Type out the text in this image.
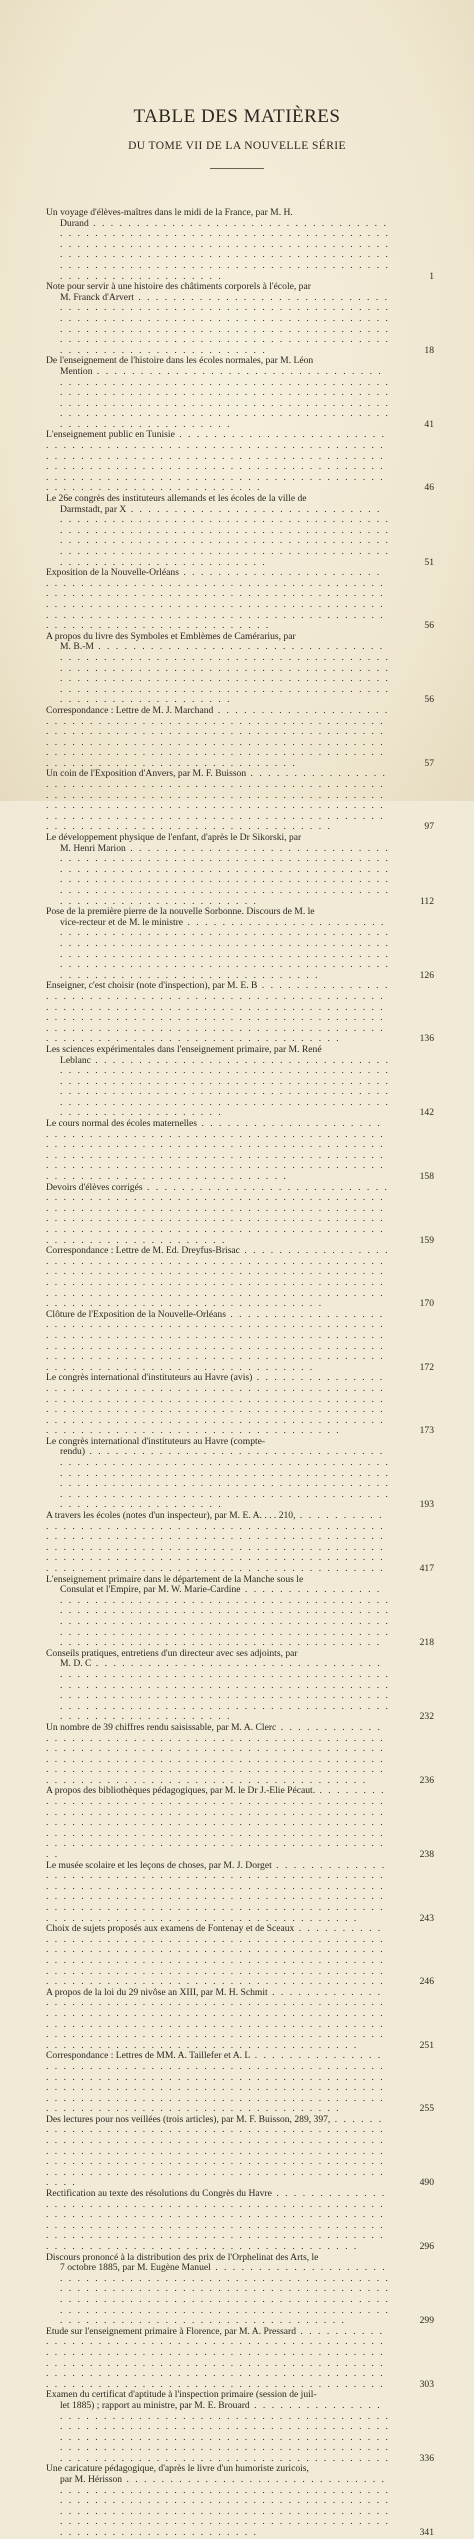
TABLE DES MATIÈRES
DU TOME VII DE LA NOUVELLE SÉRIE
Un voyage d'élèves-maîtres dans le midi de la France, par M. H.
Durand . . . . . . . . . . . . . . . . . . . . . . . . . . . . . . . . . . . . . . . . . . . . . . . . . . . . . . . . . . . . . . . . . . . . . . . . . . . . . . . . . . . . . . . . . . . . . . . . . . . . . . . . . . . . . . . . . . . . . . . . . . . . . . . . . . . . . . . . . . . . . . . . . . . . . . . . . . . . . . . . . . . . . . . . . . . . . . . . . . . . . . . . . . . . . . . . . . . . . . . . . . . . .	1
Note pour servir à une histoire des châtiments corporels à l'école, par
M. Franck d'Arvert . . . . . . . . . . . . . . . . . . . . . . . . . . . . . . . . . . . . . . . . . . . . . . . . . . . . . . . . . . . . . . . . . . . . . . . . . . . . . . . . . . . . . . . . . . . . . . . . . . . . . . . . . . . . . . . . . . . . . . . . . . . . . . . . . . . . . . . . . . . . . . . . . . . . . . . . . . . . . . . . . . . . . . . . . . . . . . . . . . . . . . . . . . . . . . . . . . . . . . . . . . . . .	18
De l'enseignement de l'histoire dans les écoles normales, par M. Léon
Mention . . . . . . . . . . . . . . . . . . . . . . . . . . . . . . . . . . . . . . . . . . . . . . . . . . . . . . . . . . . . . . . . . . . . . . . . . . . . . . . . . . . . . . . . . . . . . . . . . . . . . . . . . . . . . . . . . . . . . . . . . . . . . . . . . . . . . . . . . . . . . . . . . . . . . . . . . . . . . . . . . . . . . . . . . . . . . . . . . . . . . . . . . . . . . . . . . . . . . . . . . . . . .	41
L'enseignement public en Tunisie . . . . . . . . . . . . . . . . . . . . . . . . . . . . . . . . . . . . . . . . . . . . . . . . . . . . . . . . . . . . . . . . . . . . . . . . . . . . . . . . . . . . . . . . . . . . . . . . . . . . . . . . . . . . . . . . . . . . . . . . . . . . . . . . . . . . . . . . . . . . . . . . . . . . . . . . . . . . . . . . . . . . . . . . . . . . . . . . . . . . . . . . . . . . . . . . . . . . . . . . . . . . .	46
Le 26e congrès des instituteurs allemands et les écoles de la ville de
Darmstadt, par X . . . . . . . . . . . . . . . . . . . . . . . . . . . . . . . . . . . . . . . . . . . . . . . . . . . . . . . . . . . . . . . . . . . . . . . . . . . . . . . . . . . . . . . . . . . . . . . . . . . . . . . . . . . . . . . . . . . . . . . . . . . . . . . . . . . . . . . . . . . . . . . . . . . . . . . . . . . . . . . . . . . . . . . . . . . . . . . . . . . . . . . . . . . . . . . . . . . . . . . . . . . . .	51
Exposition de la Nouvelle-Orléans . . . . . . . . . . . . . . . . . . . . . . . . . . . . . . . . . . . . . . . . . . . . . . . . . . . . . . . . . . . . . . . . . . . . . . . . . . . . . . . . . . . . . . . . . . . . . . . . . . . . . . . . . . . . . . . . . . . . . . . . . . . . . . . . . . . . . . . . . . . . . . . . . . . . . . . . . . . . . . . . . . . . . . . . . . . . . . . . . . . . . . . . . . . . . . . . . . . . . . . . . . . . .	56
A propos du livre des Symboles et Emblèmes de Camérarius, par
M. B.-M . . . . . . . . . . . . . . . . . . . . . . . . . . . . . . . . . . . . . . . . . . . . . . . . . . . . . . . . . . . . . . . . . . . . . . . . . . . . . . . . . . . . . . . . . . . . . . . . . . . . . . . . . . . . . . . . . . . . . . . . . . . . . . . . . . . . . . . . . . . . . . . . . . . . . . . . . . . . . . . . . . . . . . . . . . . . . . . . . . . . . . . . . . . . . . . . . . . . . . . . . . . . .	56
Correspondance : Lettre de M. J. Marchand . . . . . . . . . . . . . . . . . . . . . . . . . . . . . . . . . . . . . . . . . . . . . . . . . . . . . . . . . . . . . . . . . . . . . . . . . . . . . . . . . . . . . . . . . . . . . . . . . . . . . . . . . . . . . . . . . . . . . . . . . . . . . . . . . . . . . . . . . . . . . . . . . . . . . . . . . . . . . . . . . . . . . . . . . . . . . . . . . . . . . . . . . . . . . . . . . . . . . . . . . . . . .	57
Un coin de l'Exposition d'Anvers, par M. F. Buisson . . . . . . . . . . . . . . . . . . . . . . . . . . . . . . . . . . . . . . . . . . . . . . . . . . . . . . . . . . . . . . . . . . . . . . . . . . . . . . . . . . . . . . . . . . . . . . . . . . . . . . . . . . . . . . . . . . . . . . . . . . . . . . . . . . . . . . . . . . . . . . . . . . . . . . . . . . . . . . . . . . . . . . . . . . . . . . . . . . . . . . . . . . . . . . . . . . . . . . . . . . . . .	97
Le développement physique de l'enfant, d'après le Dr Sikorski, par
M. Henri Marion . . . . . . . . . . . . . . . . . . . . . . . . . . . . . . . . . . . . . . . . . . . . . . . . . . . . . . . . . . . . . . . . . . . . . . . . . . . . . . . . . . . . . . . . . . . . . . . . . . . . . . . . . . . . . . . . . . . . . . . . . . . . . . . . . . . . . . . . . . . . . . . . . . . . . . . . . . . . . . . . . . . . . . . . . . . . . . . . . . . . . . . . . . . . . . . . . . . . . . . . . . . . .	112
Pose de la première pierre de la nouvelle Sorbonne. Discours de M. le
vice-recteur et de M. le ministre . . . . . . . . . . . . . . . . . . . . . . . . . . . . . . . . . . . . . . . . . . . . . . . . . . . . . . . . . . . . . . . . . . . . . . . . . . . . . . . . . . . . . . . . . . . . . . . . . . . . . . . . . . . . . . . . . . . . . . . . . . . . . . . . . . . . . . . . . . . . . . . . . . . . . . . . . . . . . . . . . . . . . . . . . . . . . . . . . . . . . . . . . . . . . . . . . . . . . . . . . . . . .	126
Enseigner, c'est choisir (note d'inspection), par M. E. B . . . . . . . . . . . . . . . . . . . . . . . . . . . . . . . . . . . . . . . . . . . . . . . . . . . . . . . . . . . . . . . . . . . . . . . . . . . . . . . . . . . . . . . . . . . . . . . . . . . . . . . . . . . . . . . . . . . . . . . . . . . . . . . . . . . . . . . . . . . . . . . . . . . . . . . . . . . . . . . . . . . . . . . . . . . . . . . . . . . . . . . . . . . . . . . . . . . . . . . . . . . . .	136
Les sciences expérimentales dans l'enseignement primaire, par M. René
Leblanc . . . . . . . . . . . . . . . . . . . . . . . . . . . . . . . . . . . . . . . . . . . . . . . . . . . . . . . . . . . . . . . . . . . . . . . . . . . . . . . . . . . . . . . . . . . . . . . . . . . . . . . . . . . . . . . . . . . . . . . . . . . . . . . . . . . . . . . . . . . . . . . . . . . . . . . . . . . . . . . . . . . . . . . . . . . . . . . . . . . . . . . . . . . . . . . . . . . . . . . . . . . . .	142
Le cours normal des écoles maternelles . . . . . . . . . . . . . . . . . . . . . . . . . . . . . . . . . . . . . . . . . . . . . . . . . . . . . . . . . . . . . . . . . . . . . . . . . . . . . . . . . . . . . . . . . . . . . . . . . . . . . . . . . . . . . . . . . . . . . . . . . . . . . . . . . . . . . . . . . . . . . . . . . . . . . . . . . . . . . . . . . . . . . . . . . . . . . . . . . . . . . . . . . . . . . . . . . . . . . . . . . . . . .	158
Devoirs d'élèves corrigés . . . . . . . . . . . . . . . . . . . . . . . . . . . . . . . . . . . . . . . . . . . . . . . . . . . . . . . . . . . . . . . . . . . . . . . . . . . . . . . . . . . . . . . . . . . . . . . . . . . . . . . . . . . . . . . . . . . . . . . . . . . . . . . . . . . . . . . . . . . . . . . . . . . . . . . . . . . . . . . . . . . . . . . . . . . . . . . . . . . . . . . . . . . . . . . . . . . . . . . . . . . . .	159
Correspondance : Lettre de M. Ed. Dreyfus-Brisac . . . . . . . . . . . . . . . . . . . . . . . . . . . . . . . . . . . . . . . . . . . . . . . . . . . . . . . . . . . . . . . . . . . . . . . . . . . . . . . . . . . . . . . . . . . . . . . . . . . . . . . . . . . . . . . . . . . . . . . . . . . . . . . . . . . . . . . . . . . . . . . . . . . . . . . . . . . . . . . . . . . . . . . . . . . . . . . . . . . . . . . . . . . . . . . . . . . . . . . . . . . . .	170
Clôture de l'Exposition de la Nouvelle-Orléans . . . . . . . . . . . . . . . . . . . . . . . . . . . . . . . . . . . . . . . . . . . . . . . . . . . . . . . . . . . . . . . . . . . . . . . . . . . . . . . . . . . . . . . . . . . . . . . . . . . . . . . . . . . . . . . . . . . . . . . . . . . . . . . . . . . . . . . . . . . . . . . . . . . . . . . . . . . . . . . . . . . . . . . . . . . . . . . . . . . . . . . . . . . . . . . . . . . . . . . . . . . . .	172
Le congrès international d'instituteurs au Havre (avis) . . . . . . . . . . . . . . . . . . . . . . . . . . . . . . . . . . . . . . . . . . . . . . . . . . . . . . . . . . . . . . . . . . . . . . . . . . . . . . . . . . . . . . . . . . . . . . . . . . . . . . . . . . . . . . . . . . . . . . . . . . . . . . . . . . . . . . . . . . . . . . . . . . . . . . . . . . . . . . . . . . . . . . . . . . . . . . . . . . . . . . . . . . . . . . . . . . . . . . . . . . . . .	173
Le congrès international d'instituteurs au Havre (compte-
rendu) . . . . . . . . . . . . . . . . . . . . . . . . . . . . . . . . . . . . . . . . . . . . . . . . . . . . . . . . . . . . . . . . . . . . . . . . . . . . . . . . . . . . . . . . . . . . . . . . . . . . . . . . . . . . . . . . . . . . . . . . . . . . . . . . . . . . . . . . . . . . . . . . . . . . . . . . . . . . . . . . . . . . . . . . . . . . . . . . . . . . . . . . . . . . . . . . . . . . . . . . . . . . .	193
A travers les écoles (notes d'un inspecteur), par M. E. A. . . . 210, . . . . . . . . . . . . . . . . . . . . . . . . . . . . . . . . . . . . . . . . . . . . . . . . . . . . . . . . . . . . . . . . . . . . . . . . . . . . . . . . . . . . . . . . . . . . . . . . . . . . . . . . . . . . . . . . . . . . . . . . . . . . . . . . . . . . . . . . . . . . . . . . . . . . . . . . . . . . . . . . . . . . . . . . . . . . . . . . . . . . . . . . . . . . . . . . . . . . . . . . . . . . .	417
L'enseignement primaire dans le département de la Manche sous le
Consulat et l'Empire, par M. W. Marie-Cardine . . . . . . . . . . . . . . . . . . . . . . . . . . . . . . . . . . . . . . . . . . . . . . . . . . . . . . . . . . . . . . . . . . . . . . . . . . . . . . . . . . . . . . . . . . . . . . . . . . . . . . . . . . . . . . . . . . . . . . . . . . . . . . . . . . . . . . . . . . . . . . . . . . . . . . . . . . . . . . . . . . . . . . . . . . . . . . . . . . . . . . . . . . . . . . . . . . . . . . . . . . . . .	218
Conseils pratiques, entretiens d'un directeur avec ses adjoints, par
M. D. C . . . . . . . . . . . . . . . . . . . . . . . . . . . . . . . . . . . . . . . . . . . . . . . . . . . . . . . . . . . . . . . . . . . . . . . . . . . . . . . . . . . . . . . . . . . . . . . . . . . . . . . . . . . . . . . . . . . . . . . . . . . . . . . . . . . . . . . . . . . . . . . . . . . . . . . . . . . . . . . . . . . . . . . . . . . . . . . . . . . . . . . . . . . . . . . . . . . . . . . . . . . . .	232
Un nombre de 39 chiffres rendu saisissable, par M. A. Clerc . . . . . . . . . . . . . . . . . . . . . . . . . . . . . . . . . . . . . . . . . . . . . . . . . . . . . . . . . . . . . . . . . . . . . . . . . . . . . . . . . . . . . . . . . . . . . . . . . . . . . . . . . . . . . . . . . . . . . . . . . . . . . . . . . . . . . . . . . . . . . . . . . . . . . . . . . . . . . . . . . . . . . . . . . . . . . . . . . . . . . . . . . . . . . . . . . . . . . . . . . . . . .	236
A propos des bibliothèques pédagogiques, par M. le Dr J.-Elie Pécaut. . . . . . . . . . . . . . . . . . . . . . . . . . . . . . . . . . . . . . . . . . . . . . . . . . . . . . . . . . . . . . . . . . . . . . . . . . . . . . . . . . . . . . . . . . . . . . . . . . . . . . . . . . . . . . . . . . . . . . . . . . . . . . . . . . . . . . . . . . . . . . . . . . . . . . . . . . . . . . . . . . . . . . . . . . . . . . . . . . . . . . . . . . . . . . . . . . . . . . . . . . . . . .	238
Le musée scolaire et les leçons de choses, par M. J. Dorget . . . . . . . . . . . . . . . . . . . . . . . . . . . . . . . . . . . . . . . . . . . . . . . . . . . . . . . . . . . . . . . . . . . . . . . . . . . . . . . . . . . . . . . . . . . . . . . . . . . . . . . . . . . . . . . . . . . . . . . . . . . . . . . . . . . . . . . . . . . . . . . . . . . . . . . . . . . . . . . . . . . . . . . . . . . . . . . . . . . . . . . . . . . . . . . . . . . . . . . . . . . . .	243
Choix de sujets proposés aux examens de Fontenay et de Sceaux . . . . . . . . . . . . . . . . . . . . . . . . . . . . . . . . . . . . . . . . . . . . . . . . . . . . . . . . . . . . . . . . . . . . . . . . . . . . . . . . . . . . . . . . . . . . . . . . . . . . . . . . . . . . . . . . . . . . . . . . . . . . . . . . . . . . . . . . . . . . . . . . . . . . . . . . . . . . . . . . . . . . . . . . . . . . . . . . . . . . . . . . . . . . . . . . . . . . . . . . . . . . .	246
A propos de la loi du 29 nivôse an XIII, par M. H. Schmit . . . . . . . . . . . . . . . . . . . . . . . . . . . . . . . . . . . . . . . . . . . . . . . . . . . . . . . . . . . . . . . . . . . . . . . . . . . . . . . . . . . . . . . . . . . . . . . . . . . . . . . . . . . . . . . . . . . . . . . . . . . . . . . . . . . . . . . . . . . . . . . . . . . . . . . . . . . . . . . . . . . . . . . . . . . . . . . . . . . . . . . . . . . . . . . . . . . . . . . . . . . . .	251
Correspondance : Lettres de MM. A. Taillefer et A. L . . . . . . . . . . . . . . . . . . . . . . . . . . . . . . . . . . . . . . . . . . . . . . . . . . . . . . . . . . . . . . . . . . . . . . . . . . . . . . . . . . . . . . . . . . . . . . . . . . . . . . . . . . . . . . . . . . . . . . . . . . . . . . . . . . . . . . . . . . . . . . . . . . . . . . . . . . . . . . . . . . . . . . . . . . . . . . . . . . . . . . . . . . . . . . . . . . . . . . . . . . . . .	255
Des lectures pour nos veillées (trois articles), par M. F. Buisson, 289, 397, . . . . . . . . . . . . . . . . . . . . . . . . . . . . . . . . . . . . . . . . . . . . . . . . . . . . . . . . . . . . . . . . . . . . . . . . . . . . . . . . . . . . . . . . . . . . . . . . . . . . . . . . . . . . . . . . . . . . . . . . . . . . . . . . . . . . . . . . . . . . . . . . . . . . . . . . . . . . . . . . . . . . . . . . . . . . . . . . . . . . . . . . . . . . . . . . . . . . . . . . . . . . .	490
Rectification au texte des résolutions du Congrès du Havre . . . . . . . . . . . . . . . . . . . . . . . . . . . . . . . . . . . . . . . . . . . . . . . . . . . . . . . . . . . . . . . . . . . . . . . . . . . . . . . . . . . . . . . . . . . . . . . . . . . . . . . . . . . . . . . . . . . . . . . . . . . . . . . . . . . . . . . . . . . . . . . . . . . . . . . . . . . . . . . . . . . . . . . . . . . . . . . . . . . . . . . . . . . . . . . . . . . . . . . . . . . . .	296
Discours prononcé à la distribution des prix de l'Orphelinat des Arts, le
7 octobre 1885, par M. Eugène Manuel . . . . . . . . . . . . . . . . . . . . . . . . . . . . . . . . . . . . . . . . . . . . . . . . . . . . . . . . . . . . . . . . . . . . . . . . . . . . . . . . . . . . . . . . . . . . . . . . . . . . . . . . . . . . . . . . . . . . . . . . . . . . . . . . . . . . . . . . . . . . . . . . . . . . . . . . . . . . . . . . . . . . . . . . . . . . . . . . . . . . . . . . . . . . . . . . . . . . . . . . . . . . .	299
Etude sur l'enseignement primaire à Florence, par M. A. Pressard . . . . . . . . . . . . . . . . . . . . . . . . . . . . . . . . . . . . . . . . . . . . . . . . . . . . . . . . . . . . . . . . . . . . . . . . . . . . . . . . . . . . . . . . . . . . . . . . . . . . . . . . . . . . . . . . . . . . . . . . . . . . . . . . . . . . . . . . . . . . . . . . . . . . . . . . . . . . . . . . . . . . . . . . . . . . . . . . . . . . . . . . . . . . . . . . . . . . . . . . . . . . .	303
Examen du certificat d'aptitude à l'inspection primaire (session de juil-
let 1885) ; rapport au ministre, par M. E. Brouard . . . . . . . . . . . . . . . . . . . . . . . . . . . . . . . . . . . . . . . . . . . . . . . . . . . . . . . . . . . . . . . . . . . . . . . . . . . . . . . . . . . . . . . . . . . . . . . . . . . . . . . . . . . . . . . . . . . . . . . . . . . . . . . . . . . . . . . . . . . . . . . . . . . . . . . . . . . . . . . . . . . . . . . . . . . . . . . . . . . . . . . . . . . . . . . . . . . . . . . . . . . . .	336
Une caricature pédagogique, d'après le livre d'un humoriste zuricois,
par M. Hérisson . . . . . . . . . . . . . . . . . . . . . . . . . . . . . . . . . . . . . . . . . . . . . . . . . . . . . . . . . . . . . . . . . . . . . . . . . . . . . . . . . . . . . . . . . . . . . . . . . . . . . . . . . . . . . . . . . . . . . . . . . . . . . . . . . . . . . . . . . . . . . . . . . . . . . . . . . . . . . . . . . . . . . . . . . . . . . . . . . . . . . . . . . . . . . . . . . . . . . . . . . . . . .	341
